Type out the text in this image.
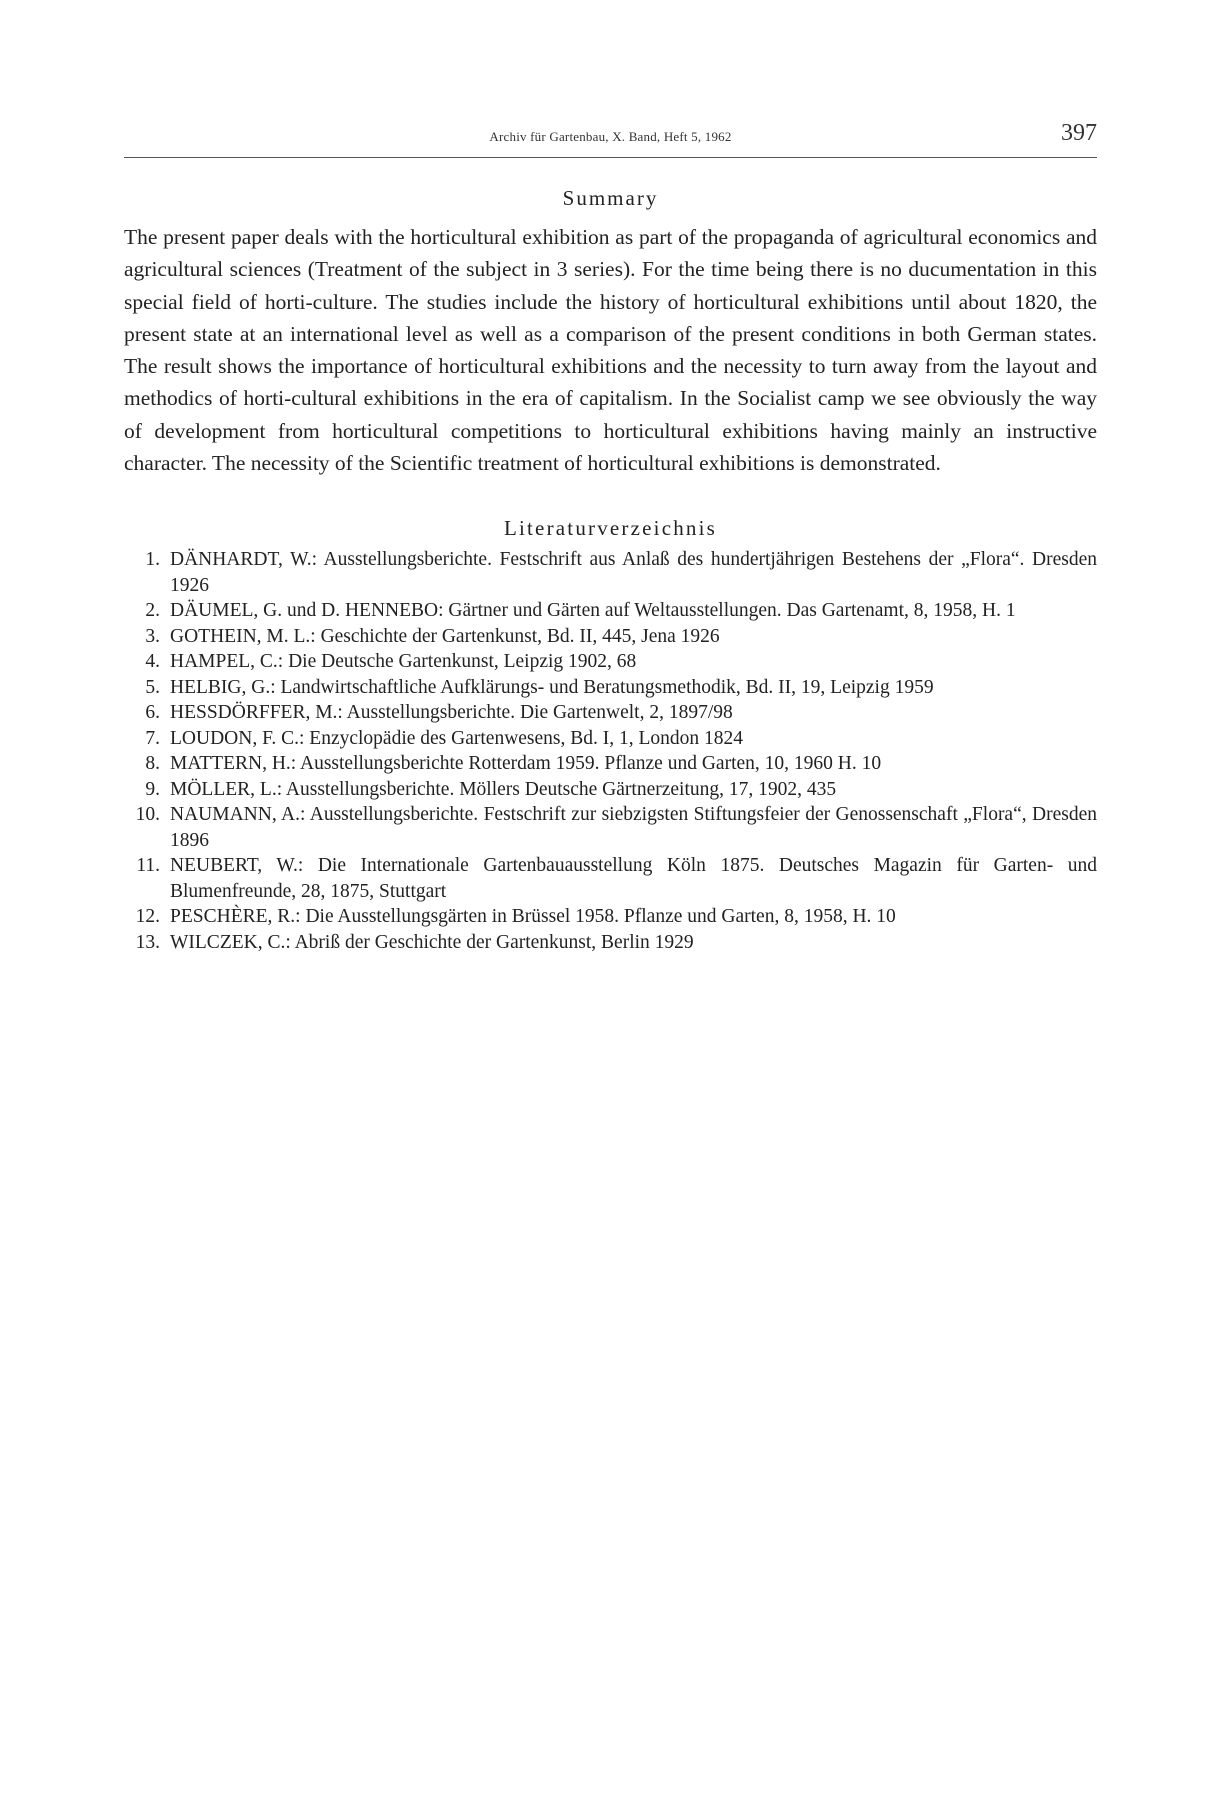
Archiv für Gartenbau, X. Band, Heft 5, 1962	397
Summary

The present paper deals with the horticultural exhibition as part of the propaganda of agricultural economics and agricultural sciences (Treatment of the subject in 3 series). For the time being there is no ducumentation in this special field of horti-culture. The studies include the history of horticultural exhibitions until about 1820, the present state at an international level as well as a comparison of the present conditions in both German states. The result shows the importance of horticultural exhibitions and the necessity to turn away from the layout and methodics of horti-cultural exhibitions in the era of capitalism. In the Socialist camp we see obviously the way of development from horticultural competitions to horticultural exhibitions having mainly an instructive character. The necessity of the Scientific treatment of horticultural exhibitions is demonstrated.

Literaturverzeichnis
1. DÄNHARDT, W.: Ausstellungsberichte. Festschrift aus Anlaß des hundertjährigen Bestehens der „Flora“. Dresden 1926
2. DÄUMEL, G. und D. HENNEBO: Gärtner und Gärten auf Weltausstellungen. Das Gartenamt, 8, 1958, H. 1
3. GOTHEIN, M. L.: Geschichte der Gartenkunst, Bd. II, 445, Jena 1926
4. HAMPEL, C.: Die Deutsche Gartenkunst, Leipzig 1902, 68
5. HELBIG, G.: Landwirtschaftliche Aufklärungs- und Beratungsmethodik, Bd. II, 19, Leipzig 1959
6. HESSDÖRFFER, M.: Ausstellungsberichte. Die Gartenwelt, 2, 1897/98
7. LOUDON, F. C.: Enzyclopädie des Gartenwesens, Bd. I, 1, London 1824
8. MATTERN, H.: Ausstellungsberichte Rotterdam 1959. Pflanze und Garten, 10, 1960 H. 10
9. MÖLLER, L.: Ausstellungsberichte. Möllers Deutsche Gärtnerzeitung, 17, 1902, 435
10. NAUMANN, A.: Ausstellungsberichte. Festschrift zur siebzigsten Stiftungsfeier der Genossenschaft „Flora“, Dresden 1896
11. NEUBERT, W.: Die Internationale Gartenbauausstellung Köln 1875. Deutsches Magazin für Garten- und Blumenfreunde, 28, 1875, Stuttgart
12. PESCHÈRE, R.: Die Ausstellungsgärten in Brüssel 1958. Pflanze und Garten, 8, 1958, H. 10
13. WILCZEK, C.: Abriß der Geschichte der Gartenkunst, Berlin 1929
